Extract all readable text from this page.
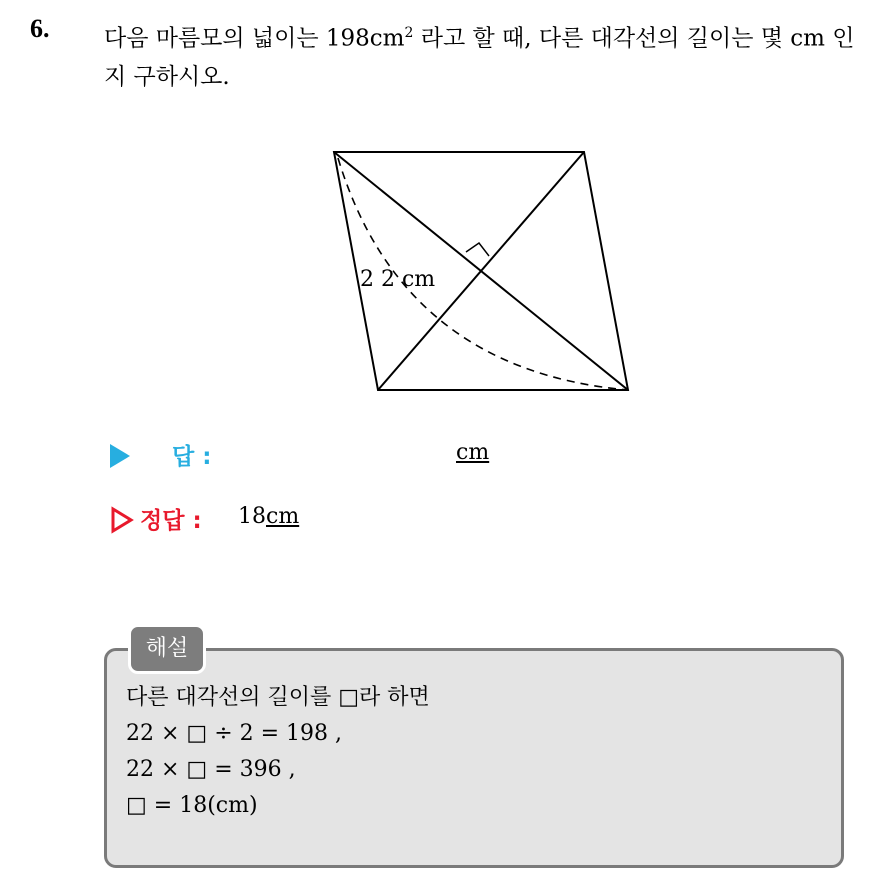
6. 다음 마름모의 넓이는 $198cm^2$ 라고 할 때, 다른 대각선의 길이는 몇 cm 인지 구하시오.
2 2 cm
답 :	cm
정답 : 18cm
해설
다른 대각선의 길이를 □라 하면
22 × □ ÷ 2 = 198 ,
22 × □ = 396 ,
□ = 18(cm)
